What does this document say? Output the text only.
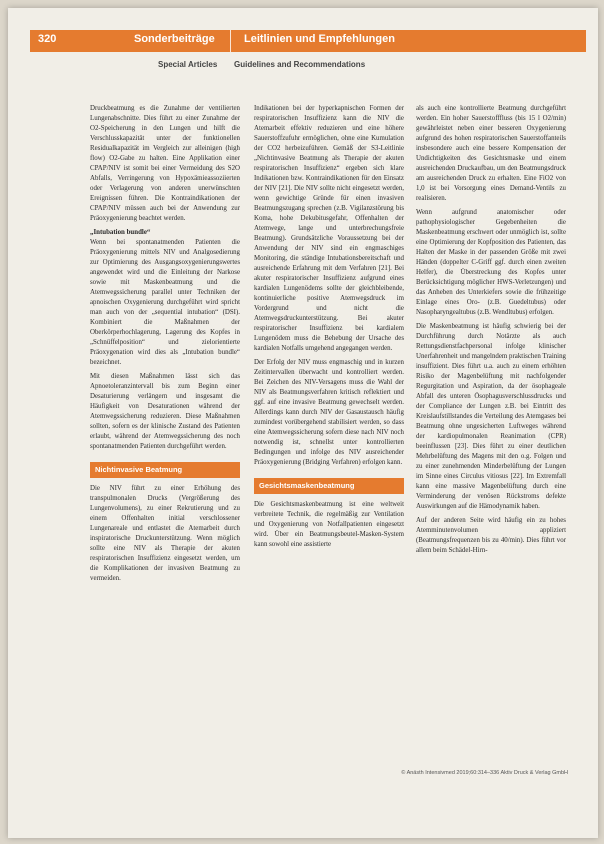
320	Sonderbeiträge	Leitlinien und Empfehlungen
Special Articles Guidelines and Recommendations

Druckbeatmung es die Zunahme der ventilierten Lungenabschnitte. Dies führt zu einer Zunahme der O2-Speicherung in den Lungen und hilft die Verschlusskapazität unter der funktionellen Residualkapazität im Vergleich zur alleinigen (high flow) O2-Gabe zu halten. Eine Applikation einer CPAP/NIV ist somit bei einer Vermeidung des S2O Abfalls, Verringerung von Hypoxämieassoziierten oder Verlagerung von anderen unerwünschten Ereignissen führen. Die Kontraindikationen der CPAP/NIV müssen auch bei der Anwendung zur Präoxygenierung beachtet werden.

„Intubation bundle“

Wenn bei spontanatmenden Patienten die Präoxygenierung mittels NIV und Analgosedierung zur Optimierung des Ausgangsoxygenierungswertes angewendet wird und die Einleitung der Narkose sowie mit Maskenbeatmung und die Atemwegssicherung parallel unter Techniken der apnoischen Oxygenierung durchgeführt wird spricht man auch von der „sequential intubation“ (DSI). Kombiniert die Maßnahmen der Oberkörperhochlagerung, Lagerung des Kopfes in „Schnüffelposition“ und zielorientierte Präoxygenation wird dies als „Intubation bundle“ bezeichnet.

Mit diesen Maßnahmen lässt sich das Apnoetoleranzintervall bis zum Beginn einer Desaturierung verlängern und insgesamt die Häufigkeit von Desaturationen während der Atemwegssicherung reduzieren. Diese Maßnahmen sollten, sofern es der klinische Zustand des Patienten erlaubt, während der Atemwegssicherung des noch spontanatmenden Patienten durchgeführt werden.

Nichtinvasive Beatmung

Die NIV führt zu einer Erhöhung des transpulmonalen Drucks (Vergrößerung des Lungenvolumens), zu einer Rekrutierung und zu einem Offenhalten initial verschlossener Lungenareale und entlastet die Atemarbeit durch inspiratorische Druckunterstützung. Wenn möglich sollte eine NIV als Therapie der akuten respiratorischen Insuffizienz eingesetzt werden, um die Komplikationen der invasiven Beatmung zu vermeiden.

Indikationen bei der hyperkapnischen Formen der respiratorischen Insuffizienz kann die NIV die Atemarbeit effektiv reduzieren und eine höhere Sauerstoffzufuhr ermöglichen, ohne eine Kumulation der CO2 herbeizuführen. Gemäß der S3-Leitlinie „Nichtinvasive Beatmung als Therapie der akuten respiratorischen Insuffizienz“ ergeben sich klare Indikationen bzw. Kontraindikationen für den Einsatz der NIV [21]. Die NIV sollte nicht eingesetzt werden, wenn gewichtige Gründe für einen invasiven Beatmungszugang sprechen (z.B. Vigilanzstörung bis Koma, hohe Dekubitusgefahr, Offenhalten der Atemwege, lange und unterbrechungsfreie Beatmung). Grundsätzliche Voraussetzung bei der Anwendung der NIV sind ein engmaschiges Monitoring, die ständige Intubationsbereitschaft und ausreichende Erfahrung mit dem Verfahren [21]. Bei akuter respiratorischer Insuffizienz aufgrund eines kardialen Lungenödems sollte der gleichbleibende, kontinuierliche positive Atemwegsdruck im Vordergrund und nicht die Atemwegsdruckunterstützung. Bei akuter respiratorischer Insuffizienz bei kardialem Lungenödem muss die Behebung der Ursache des kardialen Notfalls umgehend angegangen werden.

Der Erfolg der NIV muss engmaschig und in kurzen Zeitintervallen überwacht und kontrolliert werden. Bei Zeichen des NIV-Versagens muss die Wahl der NIV als Beatmungsverfahren kritisch reflektiert und ggf. auf eine invasive Beatmung gewechselt werden. Allerdings kann durch NIV der Gasaustausch häufig zumindest vorübergehend stabilisiert werden, so dass eine Atemwegssicherung sofern diese nach NIV noch notwendig ist, schnellst unter kontrollierten Bedingungen und infolge des NIV ausreichender Präoxygenierung (Bridging Verfahren) erfolgen kann.

Gesichtsmaskenbeatmung

Die Gesichtsmaskenbeatmung ist eine weltweit verbreitete Technik, die regelmäßig zur Ventilation und Oxygenierung von Notfallpatienten eingesetzt wird. Über ein Beatmungsbeutel-Masken-System kann sowohl eine assistierte

als auch eine kontrollierte Beatmung durchgeführt werden. Ein hoher Sauerstofffluss (bis 15 l O2/min) gewährleistet neben einer besseren Oxygenierung aufgrund des hohen respiratorischen Sauerstoffanteils insbesondere auch eine bessere Kompensation der Undichtigkeiten des Gesichtsmaske und einem ausreichenden Druckaufbau, um den Beatmungsdruck am ausreichenden Druck zu erhalten. Eine FiO2 von 1,0 ist bei Vorsorgung eines Demand-Ventils zu realisieren.

Wenn aufgrund anatomischer oder pathophysiologischer Gegebenheiten die Maskenbeatmung erschwert oder unmöglich ist, sollte eine Optimierung der Kopfposition des Patienten, das Halten der Maske in der passenden Größe mit zwei Händen (doppelter C-Griff ggf. durch einen zweiten Helfer), die Überstreckung des Kopfes unter Berücksichtigung möglicher HWS-Verletzungen) und das Anheben des Unterkiefers sowie die frühzeitige Einlage eines Oro- (z.B. Guedeltubus) oder Nasopharyngealtubus (z.B. Wendltubus) erfolgen.

Die Maskenbeatmung ist häufig schwierig bei der Durchführung durch Notärzte als auch Rettungsdienstfachpersonal infolge klinischer Unerfahrenheit und mangelndem praktischen Training insuffizient. Dies führt u.a. auch zu einem erhöhten Risiko der Magenbelüftung mit nachfolgender Regurgitation und Aspiration, da der ösophageale Abfall des unteren Ösophagusverschlussdrucks und der Compliance der Lungen z.B. bei Eintritt des Kreislaufstillstandes die Verteilung des Atemgases bei Beatmung ohne ungesicherten Luftweges während der kardiopulmonalen Reanimation (CPR) beeinflussen [23]. Dies führt zu einer deutlichen Mehrbelüftung des Magens mit den o.g. Folgen und zu einer zunehmenden Minderbelüftung der Lungen im Sinne eines Circulus vitiosus [22]. Im Extremfall kann eine massive Magenbelüftung durch eine Verminderung der venösen Rückstroms defekte Auswirkungen auf die Hämodynamik haben.

Auf der anderen Seite wird häufig ein zu hohes Atemminutenvolumen appliziert (Beatmungsfrequenzen bis zu 40/min). Dies führt vor allem beim Schädel-Hirn-

© Anästh Intensivmed 2019;60:314–336 Aktiv Druck & Verlag GmbH
